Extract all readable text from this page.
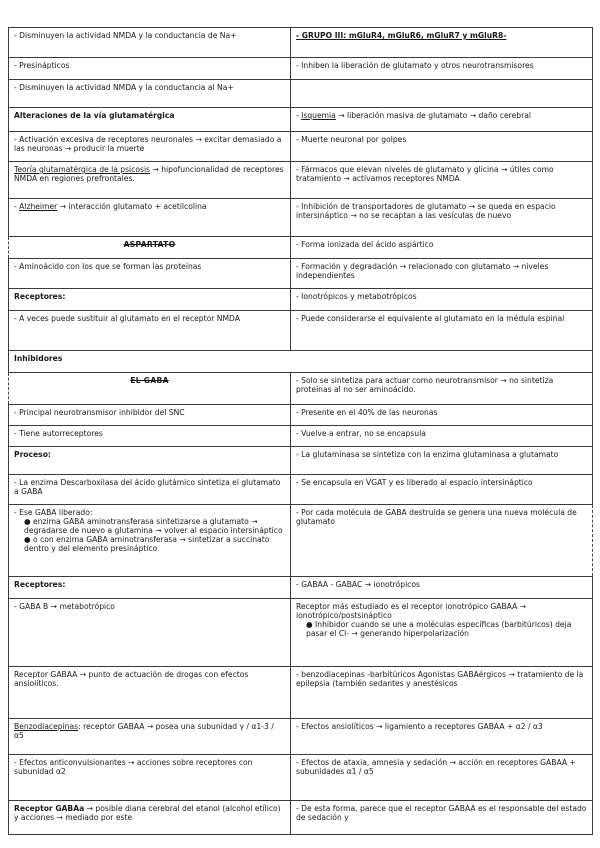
- Disminuyen la actividad NMDA y la conductancia de Na+	- GRUPO III: mGluR4, mGluR6, mGluR7 y mGluR8-
- Presinápticos	- Inhiben la liberación de glutamato y otros neurotransmisores
- Disminuyen la actividad NMDA y la conductancia al Na+	
Alteraciones de la vía glutamatérgica	- Isquemia → liberación masiva de glutamato → daño cerebral
- Activación excesiva de receptores neuronales → excitar demasiado a las neuronas → producir la muerte	- Muerte neuronal por golpes
Teoría glutamatérgica de la psicosis → hipofuncionalidad de receptores NMDA en regiones prefrontales.	- Fármacos que elevan niveles de glutamato y glicina → útiles como tratamiento → activamos receptores NMDA
- Alzheimer → interacción glutamato + acetilcolina	- Inhibición de transportadores de glutamato → se queda en espacio intersináptico → no se recaptan a las vesículas de nuevo
ASPARTATO	- Forma ionizada del ácido aspártico
- Aminoácido con los que se forman las proteínas	- Formación y degradación → relacionado con glutamato → niveles independientes
Receptores:	- Ionotrópicos y metabotrópicos
- A veces puede sustituir al glutamato en el receptor NMDA	- Puede considerarse el equivalente al glutamato en la médula espinal
Inhibidores	
EL GABA	- Solo se sintetiza para actuar como neurotransmisor → no sintetiza proteínas al no ser aminoácido.
- Principal neurotransmisor inhibidor del SNC	- Presente en el 40% de las neuronas
- Tiene autorreceptores	- Vuelve a entrar, no se encapsula
Proceso:	- La glutaminasa se sintetiza con la enzima glutaminasa a glutamato
- La enzima Descarboxilasa del ácido glutámico sintetiza el glutamato a GABA	- Se encapsula en VGAT y es liberado al espacio intersináptico

- Ese GABA liberado:
● enzima GABA aminotransferasa sintetizarse a glutamato → degradarse de nuevo a glutamina → volver al espacio intersináptico
● o con enzima GABA aminotransferasa → sintetizar a succinato dentro y del elemento presináptico	- Por cada molécula de GABA destruida se genera una nueva molécula de glutamato
Receptores:	- GABAA - GABAC → ionotrópicos
- GABA B → metabotrópico	Receptor más estudiado es el receptor ionotrópico GABAA → ionotrópico/postsináptico
● Inhibidor cuando se une a moléculas específicas (barbitúricos) deja pasar el Cl- → generando hiperpolarización

Receptor GABAA → punto de actuación de drogas con efectos ansiolíticos.	- benzodiacepinas -barbitúricos Agonistas GABAérgicos → tratamiento de la epilepsia (también sedantes y anestésicos
Benzodiacepinas: receptor GABAA → posea una subunidad γ / α1-3 / α5	- Efectos ansiolíticos → ligamiento a receptores GABAA + α2 / α3
- Efectos anticonvulsionantes → acciones sobre receptores con subunidad α2	- Efectos de ataxia, amnesia y sedación → acción en receptores GABAA + subunidades α1 / α5
Receptor GABAa → posible diana cerebral del etanol (alcohol etílico) y acciones → mediado por este	- De esta forma, parece que el receptor GABAA es el responsable del estado de sedación y
